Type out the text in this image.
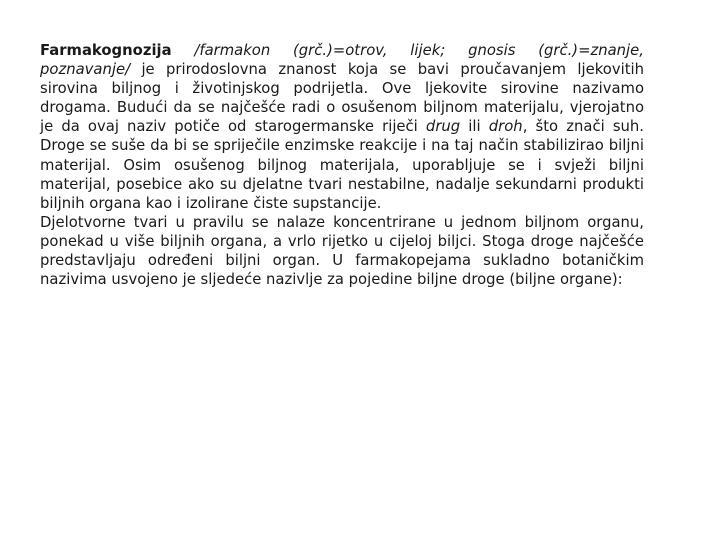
Farmakognozija /farmakon (grč.)=otrov, lijek; gnosis (grč.)=znanje, poznavanje/ je prirodoslovna znanost koja se bavi proučavanjem ljekovitih sirovina biljnog i životinjskog podrijetla. Ove ljekovite sirovine nazivamo drogama. Budući da se najčešće radi o osušenom biljnom materijalu, vjerojatno je da ovaj naziv potiče od starogermanske riječi drug ili droh, što znači suh. Droge se suše da bi se spriječile enzimske reakcije i na taj način stabilizirao biljni materijal. Osim osušenog biljnog materijala, uporabljuje se i svježi biljni materijal, posebice ako su djelatne tvari nestabilne, nadalje sekundarni produkti biljnih organa kao i izolirane čiste supstancije.

Djelotvorne tvari u pravilu se nalaze koncentrirane u jednom biljnom organu, ponekad u više biljnih organa, a vrlo rijetko u cijeloj biljci. Stoga droge najčešće predstavljaju određeni biljni organ. U farmakopejama sukladno botaničkim nazivima usvojeno je sljedeće nazivlje za pojedine biljne droge (biljne organe):
